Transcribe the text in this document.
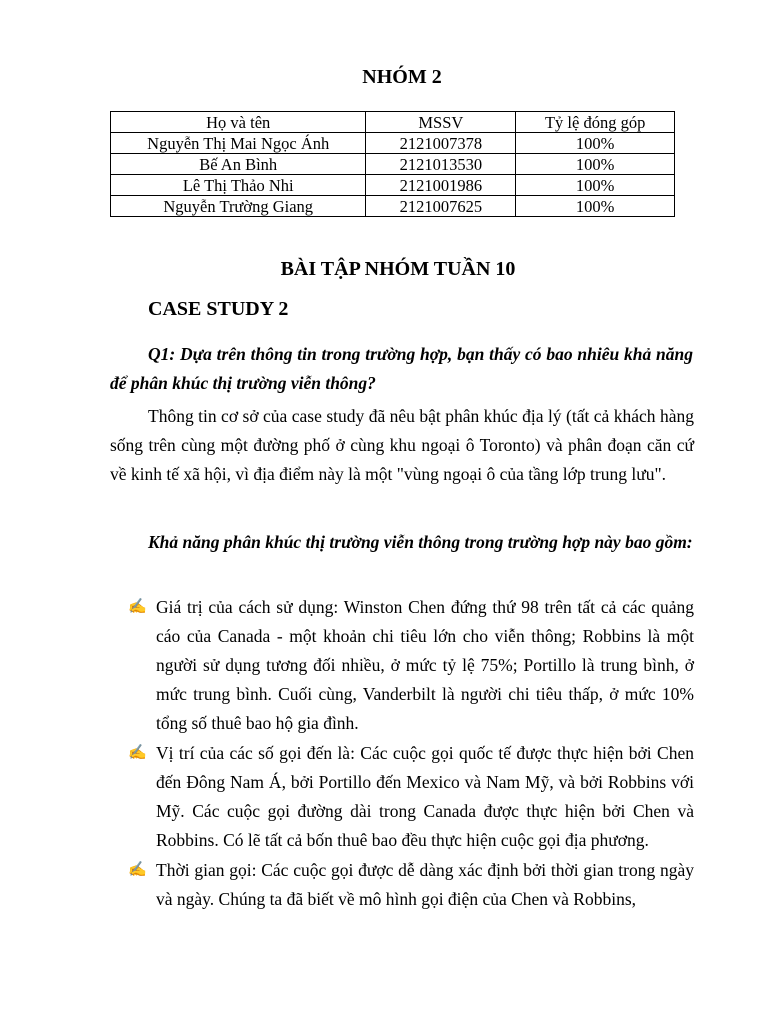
NHÓM 2
Họ và tên	MSSV	Tỷ lệ đóng góp
Nguyễn Thị Mai Ngọc Ánh	2121007378	100%
Bế An Bình	2121013530	100%
Lê Thị Thảo Nhi	2121001986	100%
Nguyễn Trường Giang	2121007625	100%
BÀI TẬP NHÓM TUẦN 10
CASE STUDY 2
Q1: Dựa trên thông tin trong trường hợp, bạn thấy có bao nhiêu khả năng để phân khúc thị trường viễn thông?
Thông tin cơ sở của case study đã nêu bật phân khúc địa lý (tất cả khách hàng sống trên cùng một đường phố ở cùng khu ngoại ô Toronto) và phân đoạn căn cứ về kinh tế xã hội, vì địa điểm này là một "vùng ngoại ô của tầng lớp trung lưu".
Khả năng phân khúc thị trường viễn thông trong trường hợp này bao gồm:
✍ Giá trị của cách sử dụng: Winston Chen đứng thứ 98 trên tất cả các quảng cáo của Canada - một khoản chi tiêu lớn cho viễn thông; Robbins là một người sử dụng tương đối nhiều, ở mức tỷ lệ 75%; Portillo là trung bình, ở mức trung bình. Cuối cùng, Vanderbilt là người chi tiêu thấp, ở mức 10% tổng số thuê bao hộ gia đình.
✍ Vị trí của các số gọi đến là: Các cuộc gọi quốc tế được thực hiện bởi Chen đến Đông Nam Á, bởi Portillo đến Mexico và Nam Mỹ, và bởi Robbins với Mỹ. Các cuộc gọi đường dài trong Canada được thực hiện bởi Chen và Robbins. Có lẽ tất cả bốn thuê bao đều thực hiện cuộc gọi địa phương.
✍ Thời gian gọi: Các cuộc gọi được dễ dàng xác định bởi thời gian trong ngày và ngày. Chúng ta đã biết về mô hình gọi điện của Chen và Robbins,
